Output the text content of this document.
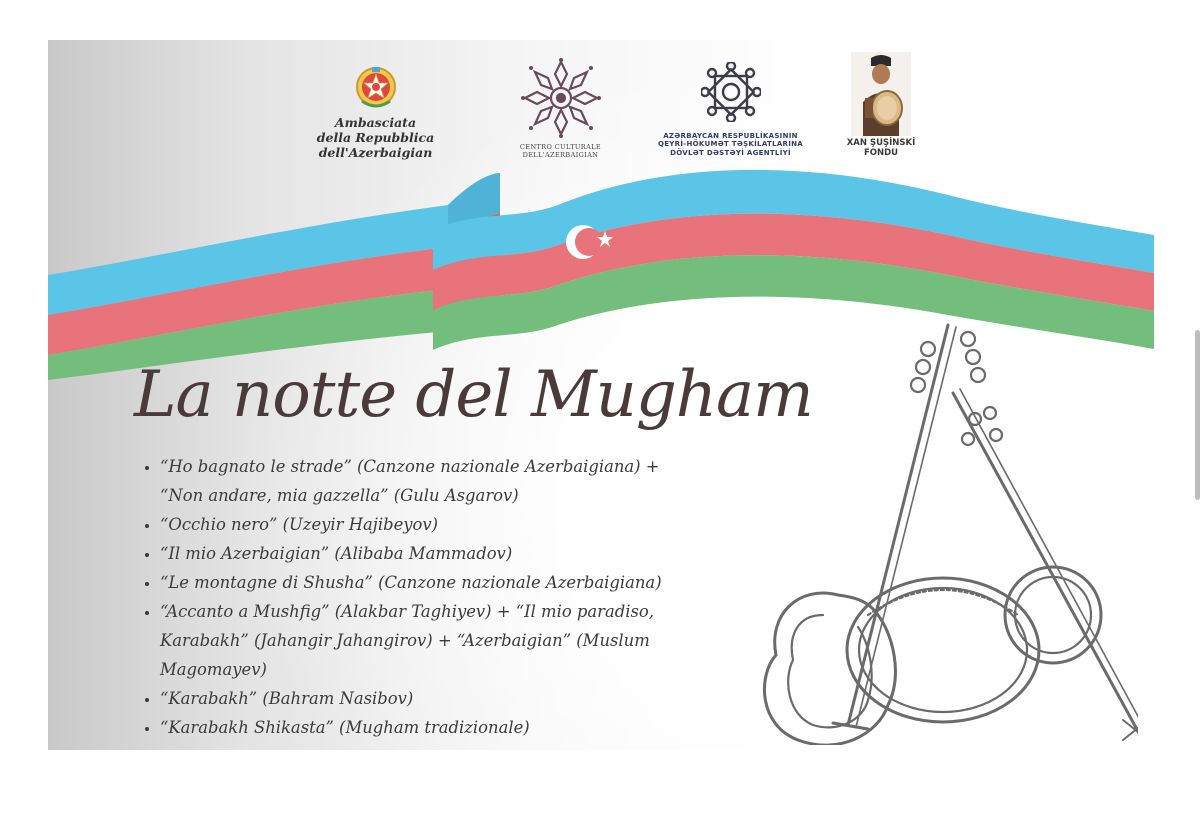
Ambasciata
della Repubblica dell'Azerbaigian	CENTRO CULTURALE
DELL'AZERBAIGIAN
AZƏRBAYCAN RESPUBLİKASININ
QEYRİ-HÖKUMƏT TƏŞKİLATLARINA
DÖVLƏT DƏSTƏYİ AGENTLİYİ
XAN ŞUŞİNSKİ
FONDU
La notte del Mugham
• “Ho bagnato le strade” (Canzone nazionale Azerbaigiana) +
“Non andare, mia gazzella” (Gulu Asgarov)
• “Occhio nero” (Uzeyir Hajibeyov)
• “Il mio Azerbaigian” (Alibaba Mammadov)
• “Le montagne di Shusha” (Canzone nazionale Azerbaigiana)
• “Accanto a Mushfig” (Alakbar Taghiyev) + “Il mio paradiso,
Karabakh” (Jahangir Jahangirov) + “Azerbaigian” (Muslum
Magomayev)
• “Karabakh” (Bahram Nasibov)
• “Karabakh Shikasta” (Mugham tradizionale)
